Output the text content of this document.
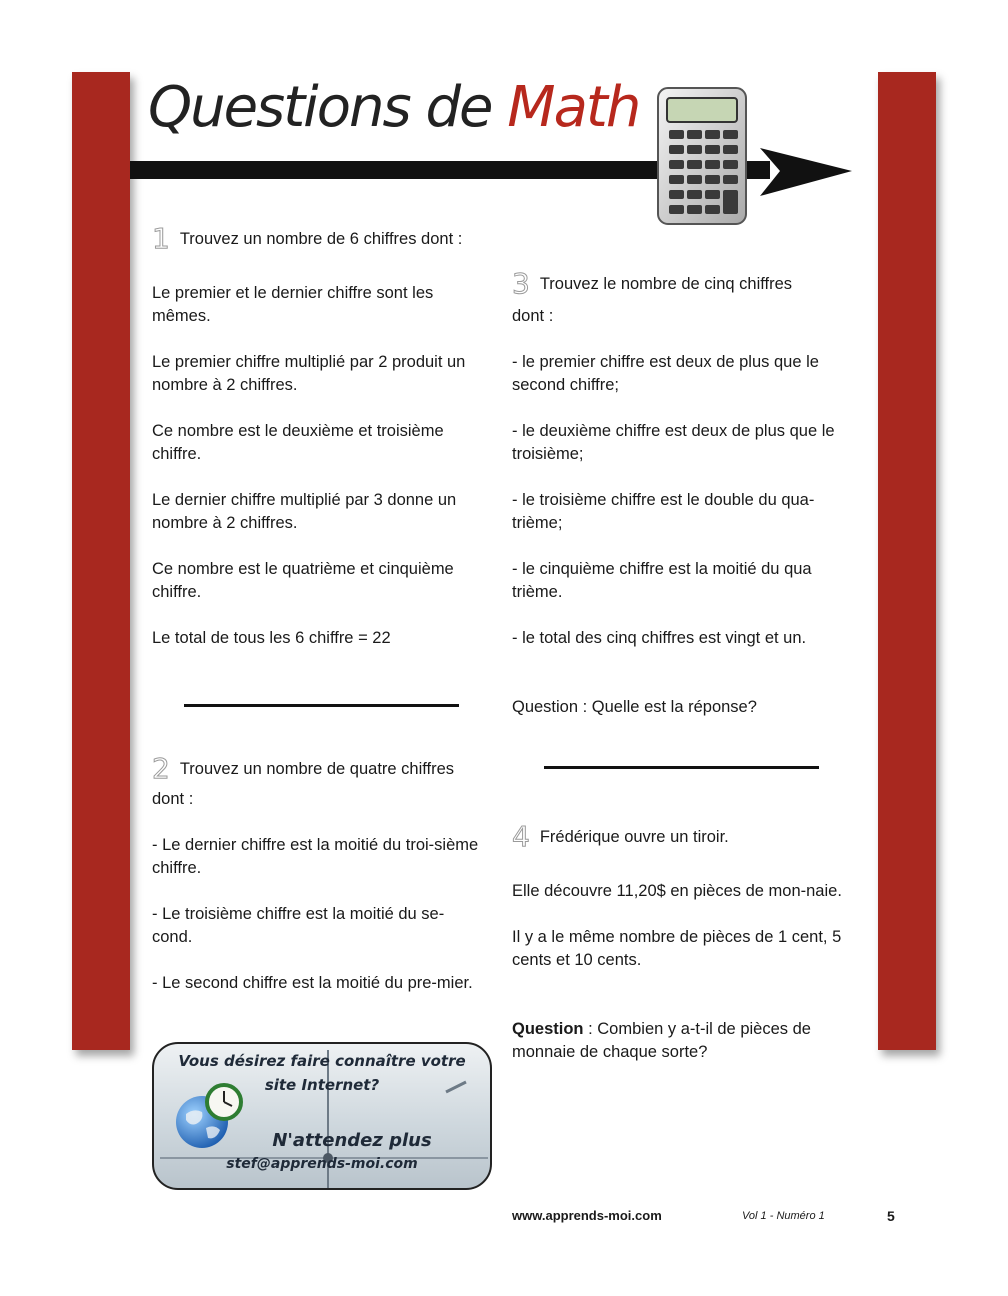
Questions de Math

1 Trouvez un nombre de 6 chiffres dont :

Le premier et le dernier chiffre sont les mêmes.

Le premier chiffre multiplié par 2 produit un nombre à 2 chiffres.

Ce nombre est le deuxième et troisième chiffre.

Le dernier chiffre multiplié par 3 donne un nombre à 2 chiffres.

Ce nombre est le quatrième et cinquième chiffre.

Le total de tous les 6 chiffre = 22

2 Trouvez un nombre de quatre chiffres

dont :

- Le dernier chiffre est la moitié du troi-sième chiffre.

- Le troisième chiffre est la moitié du se-cond.

- Le second chiffre est la moitié du pre-mier.

3 Trouvez le nombre de cinq chiffres

dont :

- le premier chiffre est deux de plus que le second chiffre;

- le deuxième chiffre est deux de plus que le troisième;

- le troisième chiffre est le double du qua-trième;

- le cinquième chiffre est la moitié du qua trième.

- le total des cinq chiffres est vingt et un.

Question : Quelle est la réponse?

4 Frédérique ouvre un tiroir.

Elle découvre 11,20$ en pièces de mon-naie.

Il y a le même nombre de pièces de 1 cent, 5 cents et 10 cents.

Question : Combien y a-t-il de pièces de monnaie de chaque sorte?

Vous désirez faire connaître votre
site Internet?
N'attendez plus
stef@apprends-moi.com
www.apprends-moi.com	Vol 1 - Numéro 1	5
